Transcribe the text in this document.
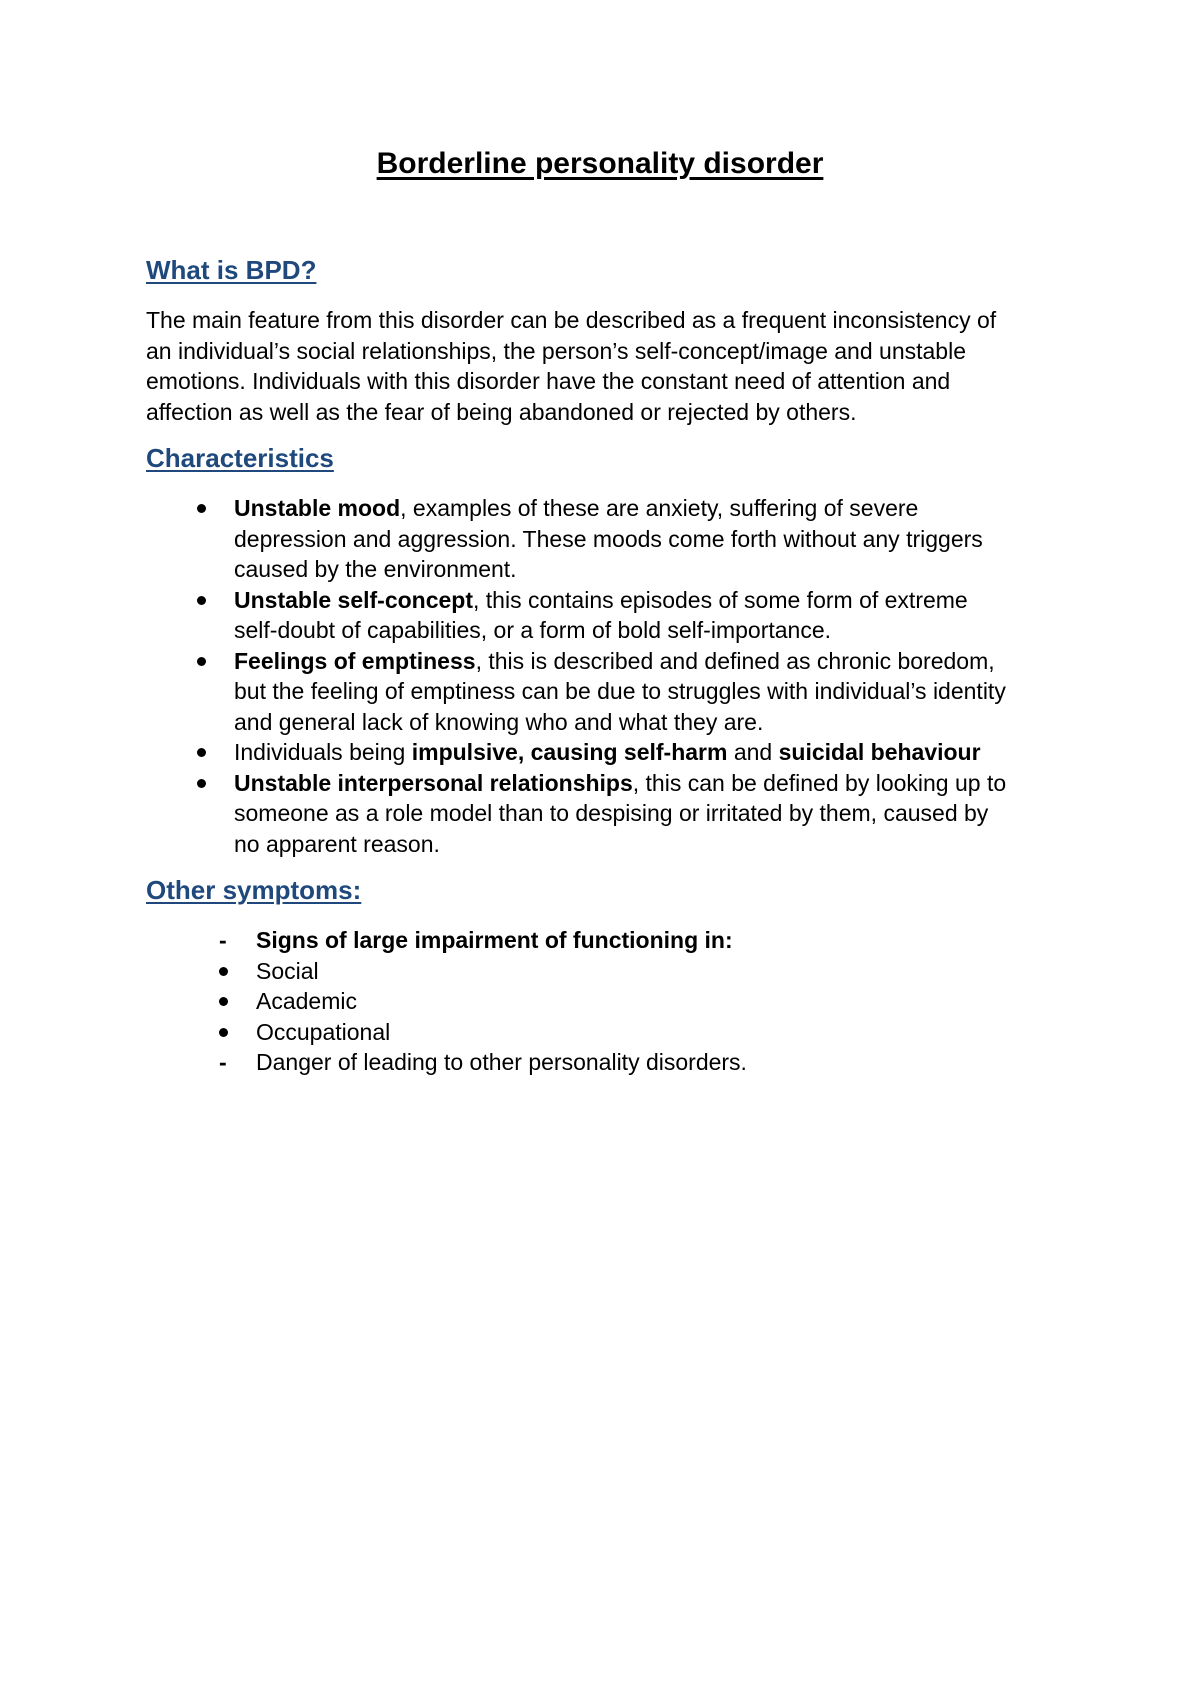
Borderline personality disorder
What is BPD?

The main feature from this disorder can be described as a frequent inconsistency of
an individual’s social relationships, the person’s self-concept/image and unstable
emotions. Individuals with this disorder have the constant need of attention and
affection as well as the fear of being abandoned or rejected by others.

Characteristics
Unstable mood, examples of these are anxiety, suffering of severe
depression and aggression. These moods come forth without any triggers
caused by the environment.
Unstable self-concept, this contains episodes of some form of extreme
self-doubt of capabilities, or a form of bold self-importance.
Feelings of emptiness, this is described and defined as chronic boredom,
but the feeling of emptiness can be due to struggles with individual’s identity
and general lack of knowing who and what they are.
Individuals being impulsive, causing self-harm and suicidal behaviour
Unstable interpersonal relationships, this can be defined by looking up to
someone as a role model than to despising or irritated by them, caused by
no apparent reason.
Other symptoms:
- Signs of large impairment of functioning in:
Social
Academic
Occupational
- Danger of leading to other personality disorders.
